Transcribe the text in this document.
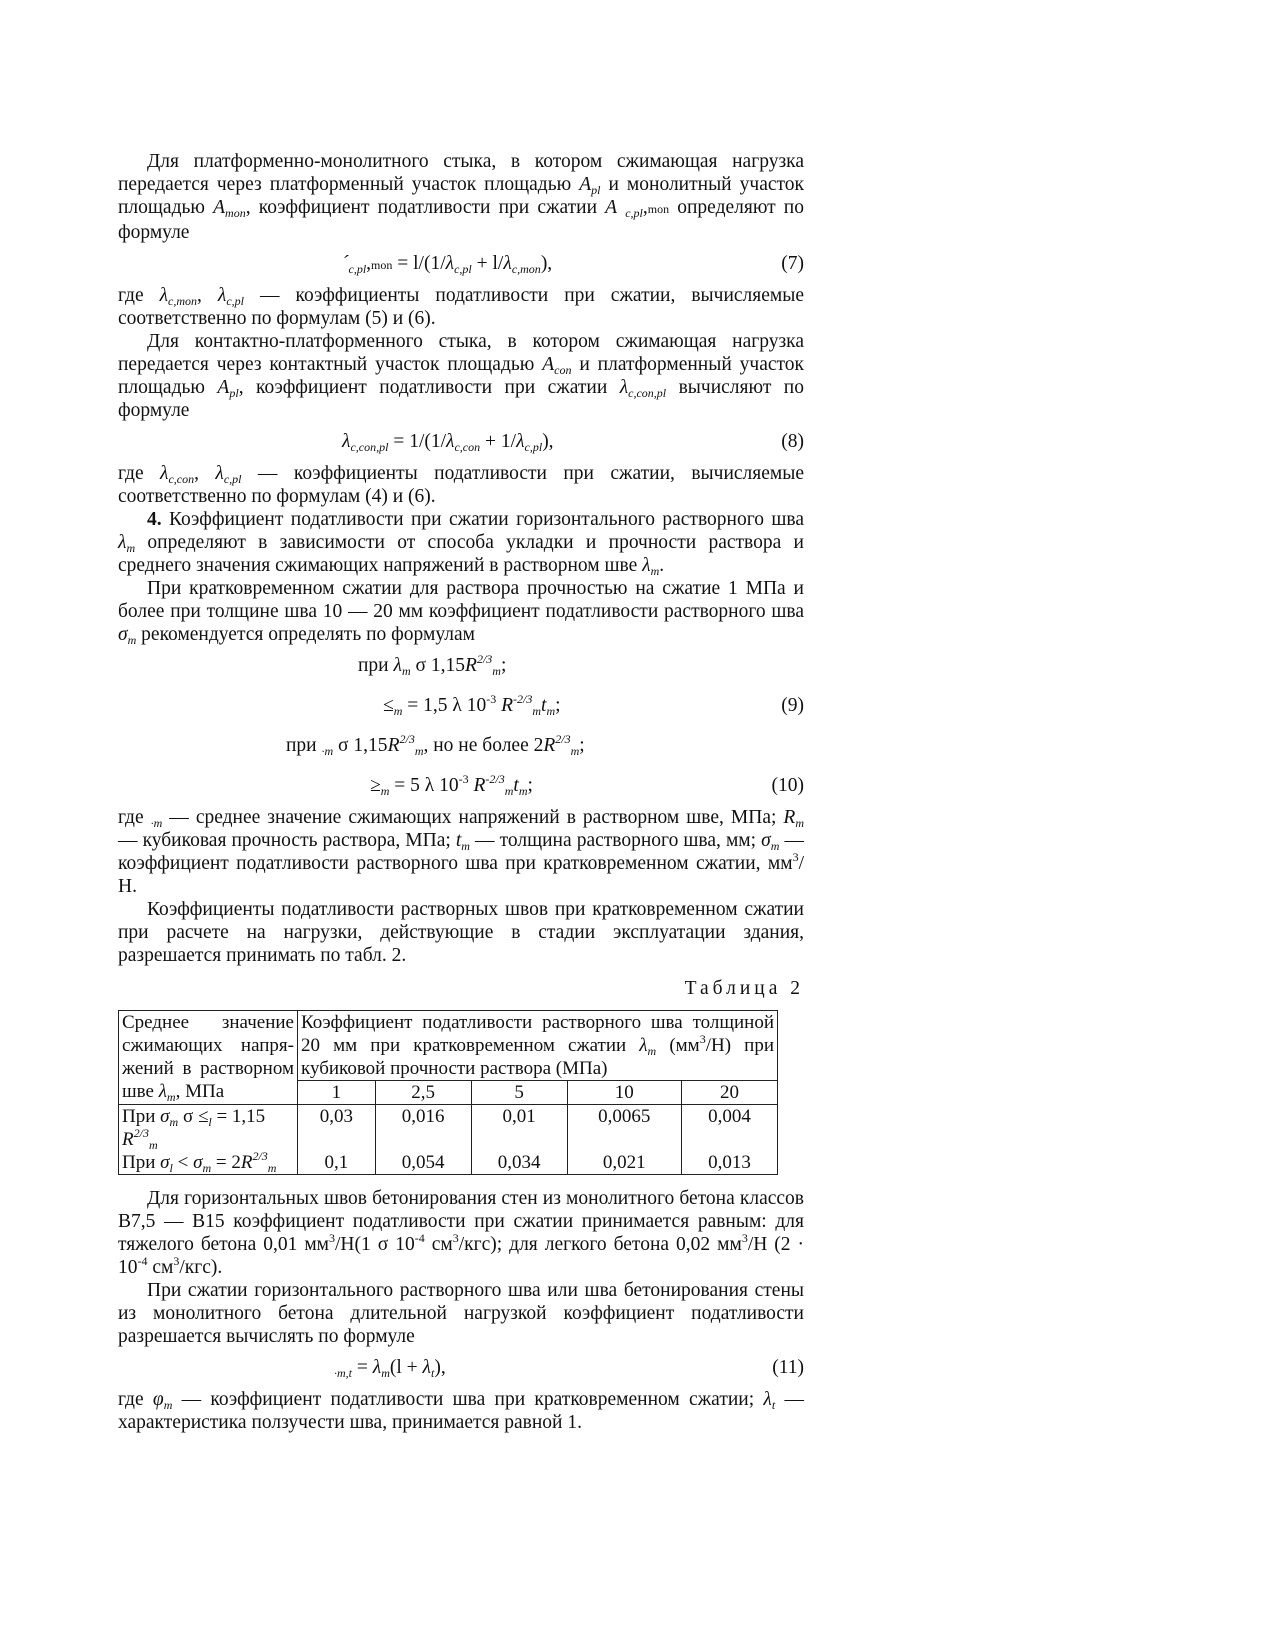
Для платформенно-монолитного стыка, в котором сжимающая нагрузка передается через платформенный участок площадью $A_{pl}$ и монолитный участок площадью $A_{mon}$, коэффициент податливости при сжатии A $_{c,pl}$,mon определяют по формуле

$´_{c,pl},mon = l/(1/\lambda_{c,pl} + l/\lambda_{c,mon})$,	(7)

где $\lambda_{c,mon}$, $\lambda_{c,pl}$ — коэффициенты податливости при сжатии, вычисляемые соответственно по формулам (5) и (6).

Для контактно-платформенного стыка, в котором сжимающая нагрузка передается через контактный участок площадью $A_{con}$ и платформенный участок площадью $A_{pl}$, коэффициент податливости при сжатии $\lambda_{c,con,pl}$ вычисляют по формуле

$\lambda_{c,con,pl} = 1/(1/\lambda_{c,con} + 1/\lambda_{c,pl})$,	(8)

где $\lambda_{c,con}$, $\lambda_{c,pl}$ — коэффициенты податливости при сжатии, вычисляемые соответственно по формулам (4) и (6).

4. Коэффициент податливости при сжатии горизонтального растворного шва $\lambda_m$ определяют в зависимости от способа укладки и прочности раствора и среднего значения сжимающих напряжений в растворном шве $\lambda_m$.

При кратковременном сжатии для раствора прочностью на сжатие 1 МПа и более при толщине шва 10 — 20 мм коэффициент податливости растворного шва $\sigma_m$ рекомендуется определять по формулам

при $\lambda_m$ σ $1,15R^{2/3}_m$;
$\le_m = 1,5$ λ $10^{-3}$ $R^{-2/3}_mt_m$;	(9)
при $_{\cdot m}$ σ $1,15R^{2/3}_m$, но не более $2R^{2/3}_m$;
$\ge_m = 5$ λ $10^{-3}$ $R^{-2/3}_mt_m$;	(10)

где $_{\cdot m}$ — среднее значение сжимающих напряжений в растворном шве, МПа; $R_m$ — кубиковая прочность раствора, МПа; $t_m$ — толщина растворного шва, мм; $\sigma_m$ — коэффициент податливости растворного шва при кратковременном сжатии, $мм^3/Н$.

Коэффициенты податливости растворных швов при кратковременном сжатии при расчете на нагрузки, действующие в стадии эксплуатации здания, разрешается принимать по табл. 2.

Таблица 2
Среднее значение сжимающих напря-жений в растворном шве $\lambda_m$, МПа	Коэффициент податливости растворного шва толщиной 20 мм при кратковременном сжатии $\lambda_m$ $(мм^3/Н)$ при кубиковой прочности раствора (МПа)				
	1	2,5	5	10	20
При $\sigma_m$ $\sigma \le_l = 1,15$ $R^{2/3}_m$	0,03	0,016	0,01	0,0065	0,004
При $\sigma_l < \sigma_m = 2R^{2/3}_m$	0,1	0,054	0,034	0,021	0,013

Для горизонтальных швов бетонирования стен из монолитного бетона классов В7,5 — В15 коэффициент податливости при сжатии принимается равным: для тяжелого бетона 0,01 $мм^3/Н(1$ σ $10^{-4}$ $см^3/кгс$); для легкого бетона 0,02 $мм^3/Н$ ($2 \cdot 10^{-4}$ $см^3/кгс$).

При сжатии горизонтального растворного шва или шва бетонирования стены из монолитного бетона длительной нагрузкой коэффициент податливости разрешается вычислять по формуле

$_{\cdot m,t} = \lambda_m(l + \lambda_t)$,	(11)

где $\varphi_m$ — коэффициент податливости шва при кратковременном сжатии; $\lambda_t$ — характеристика ползучести шва, принимается равной 1.
